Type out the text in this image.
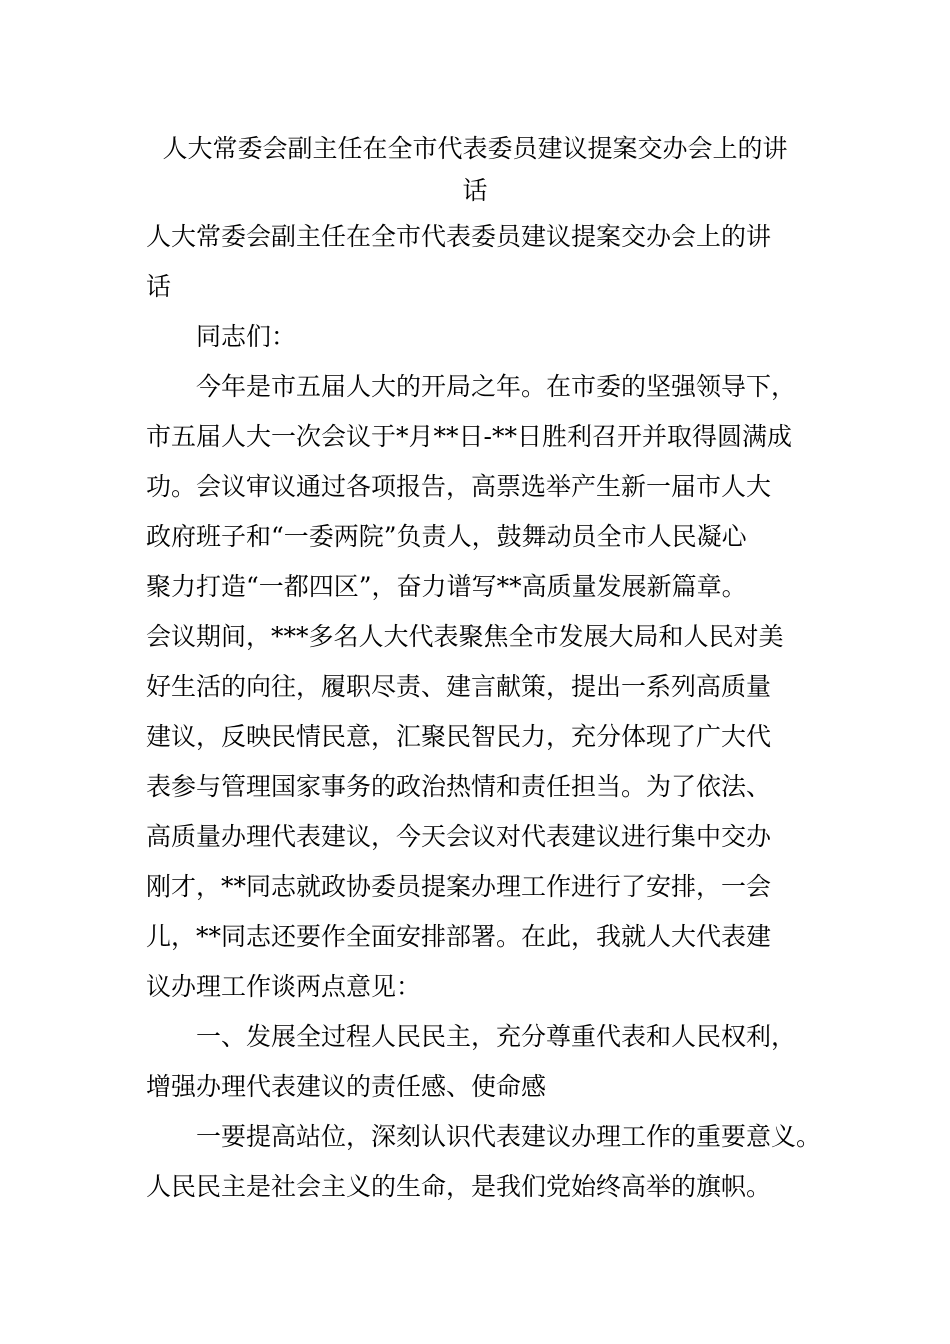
人大常委会副主任在全市代表委员建议提案交办会上的讲
话
人大常委会副主任在全市代表委员建议提案交办会上的讲
话

同志们：

今年是市五届人大的开局之年。在市委的坚强领导下，
市五届人大一次会议于*月**日-**日胜利召开并取得圆满成
功。会议审议通过各项报告，高票选举产生新一届市人大
政府班子和“一委两院”负责人，鼓舞动员全市人民凝心
聚力打造“一都四区”，奋力谱写**高质量发展新篇章。
会议期间，***多名人大代表聚焦全市发展大局和人民对美
好生活的向往，履职尽责、建言献策，提出一系列高质量
建议，反映民情民意，汇聚民智民力，充分体现了广大代
表参与管理国家事务的政治热情和责任担当。为了依法、
高质量办理代表建议，今天会议对代表建议进行集中交办
刚才，**同志就政协委员提案办理工作进行了安排，一会
儿，**同志还要作全面安排部署。在此，我就人大代表建
议办理工作谈两点意见：

一、发展全过程人民民主，充分尊重代表和人民权利，
增强办理代表建议的责任感、使命感

一要提高站位，深刻认识代表建议办理工作的重要意义。
人民民主是社会主义的生命，是我们党始终高举的旗帜。
